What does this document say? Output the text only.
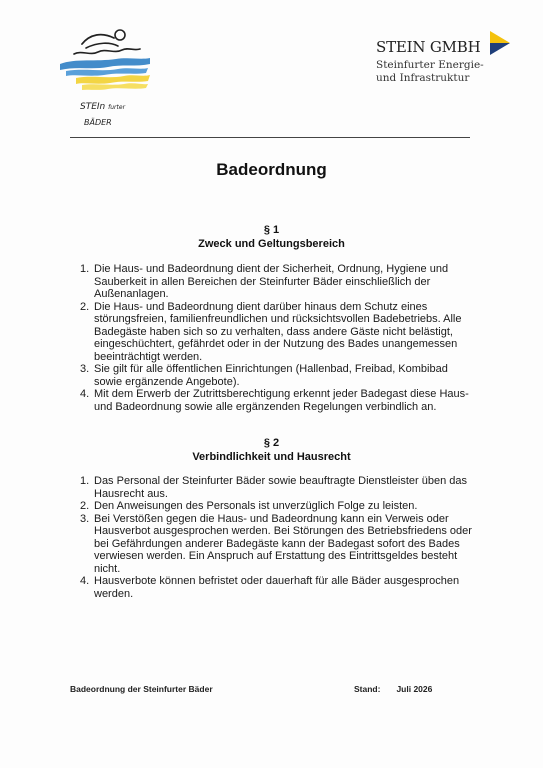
STEIn furter
BÄDER
STEIN GMBH
Steinfurter Energie-
und Infrastruktur
Badeordnung
§ 1
Zweck und Geltungsbereich
1. Die Haus- und Badeordnung dient der Sicherheit, Ordnung, Hygiene und
Sauberkeit in allen Bereichen der Steinfurter Bäder einschließlich der
Außenanlagen.
2. Die Haus- und Badeordnung dient darüber hinaus dem Schutz eines
störungsfreien, familienfreundlichen und rücksichtsvollen Badebetriebs. Alle
Badegäste haben sich so zu verhalten, dass andere Gäste nicht belästigt,
eingeschüchtert, gefährdet oder in der Nutzung des Bades unangemessen
beeinträchtigt werden.
3. Sie gilt für alle öffentlichen Einrichtungen (Hallenbad, Freibad, Kombibad
sowie ergänzende Angebote).
4. Mit dem Erwerb der Zutrittsberechtigung erkennt jeder Badegast diese Haus-
und Badeordnung sowie alle ergänzenden Regelungen verbindlich an.
§ 2
Verbindlichkeit und Hausrecht
1. Das Personal der Steinfurter Bäder sowie beauftragte Dienstleister üben das
Hausrecht aus.
2. Den Anweisungen des Personals ist unverzüglich Folge zu leisten.
3. Bei Verstößen gegen die Haus- und Badeordnung kann ein Verweis oder
Hausverbot ausgesprochen werden. Bei Störungen des Betriebsfriedens oder
bei Gefährdungen anderer Badegäste kann der Badegast sofort des Bades
verwiesen werden. Ein Anspruch auf Erstattung des Eintrittsgeldes besteht
nicht.
4. Hausverbote können befristet oder dauerhaft für alle Bäder ausgesprochen
werden.
Badeordnung der Steinfurter Bäder	Stand: Juli 2026
